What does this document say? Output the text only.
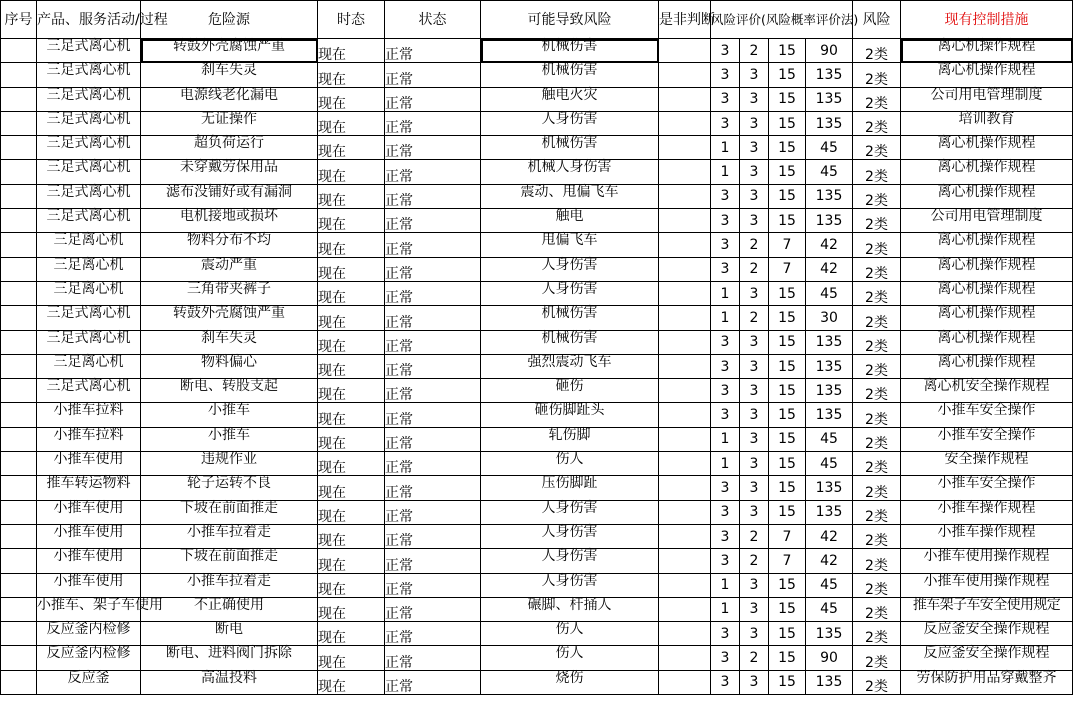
序号	产品、服务活动/过程	危险源	时态	状态	可能导致风险	是非判断	风险评价(风险概率评价法)				风险	现有控制措施
	三足式离心机	转鼓外壳腐蚀严重	现在	正常	机械伤害		3	2	15	90	2类	离心机操作规程
	三足式离心机	刹车失灵	现在	正常	机械伤害		3	3	15	135	2类	离心机操作规程
	三足式离心机	电源线老化漏电	现在	正常	触电火灾		3	3	15	135	2类	公司用电管理制度
	三足式离心机	无证操作	现在	正常	人身伤害		3	3	15	135	2类	培训教育
	三足式离心机	超负荷运行	现在	正常	机械伤害		1	3	15	45	2类	离心机操作规程
	三足式离心机	未穿戴劳保用品	现在	正常	机械人身伤害		1	3	15	45	2类	离心机操作规程
	三足式离心机	滤布没铺好或有漏洞	现在	正常	震动、甩偏飞车		3	3	15	135	2类	离心机操作规程
	三足式离心机	电机接地或损坏	现在	正常	触电		3	3	15	135	2类	公司用电管理制度
	三足离心机	物料分布不均	现在	正常	甩偏飞车		3	2	7	42	2类	离心机操作规程
	三足离心机	震动严重	现在	正常	人身伤害		3	2	7	42	2类	离心机操作规程
	三足离心机	三角带夹裤子	现在	正常	人身伤害		1	3	15	45	2类	离心机操作规程
	三足式离心机	转鼓外壳腐蚀严重	现在	正常	机械伤害		1	2	15	30	2类	离心机操作规程
	三足式离心机	刹车失灵	现在	正常	机械伤害		3	3	15	135	2类	离心机操作规程
	三足离心机	物料偏心	现在	正常	强烈震动飞车		3	3	15	135	2类	离心机操作规程
	三足式离心机	断电、转股支起	现在	正常	砸伤		3	3	15	135	2类	离心机安全操作规程
	小推车拉料	小推车	现在	正常	砸伤脚趾头		3	3	15	135	2类	小推车安全操作
	小推车拉料	小推车	现在	正常	轧伤脚		1	3	15	45	2类	小推车安全操作
	小推车使用	违规作业	现在	正常	伤人		1	3	15	45	2类	安全操作规程
	推车转运物料	轮子运转不良	现在	正常	压伤脚趾		3	3	15	135	2类	小推车安全操作
	小推车使用	下坡在前面推走	现在	正常	人身伤害		3	3	15	135	2类	小推车操作规程
	小推车使用	小推车拉着走	现在	正常	人身伤害		3	2	7	42	2类	小推车操作规程
	小推车使用	下坡在前面推走	现在	正常	人身伤害		3	2	7	42	2类	小推车使用操作规程
	小推车使用	小推车拉着走	现在	正常	人身伤害		1	3	15	45	2类	小推车使用操作规程
	小推车、架子车使用	不正确使用	现在	正常	碾脚、杆捅人		1	3	15	45	2类	推车架子车安全使用规定
	反应釜内检修	断电	现在	正常	伤人		3	3	15	135	2类	反应釜安全操作规程
	反应釜内检修	断电、进料阀门拆除	现在	正常	伤人		3	2	15	90	2类	反应釜安全操作规程
	反应釜	高温投料	现在	正常	烧伤		3	3	15	135	2类	劳保防护用品穿戴整齐
